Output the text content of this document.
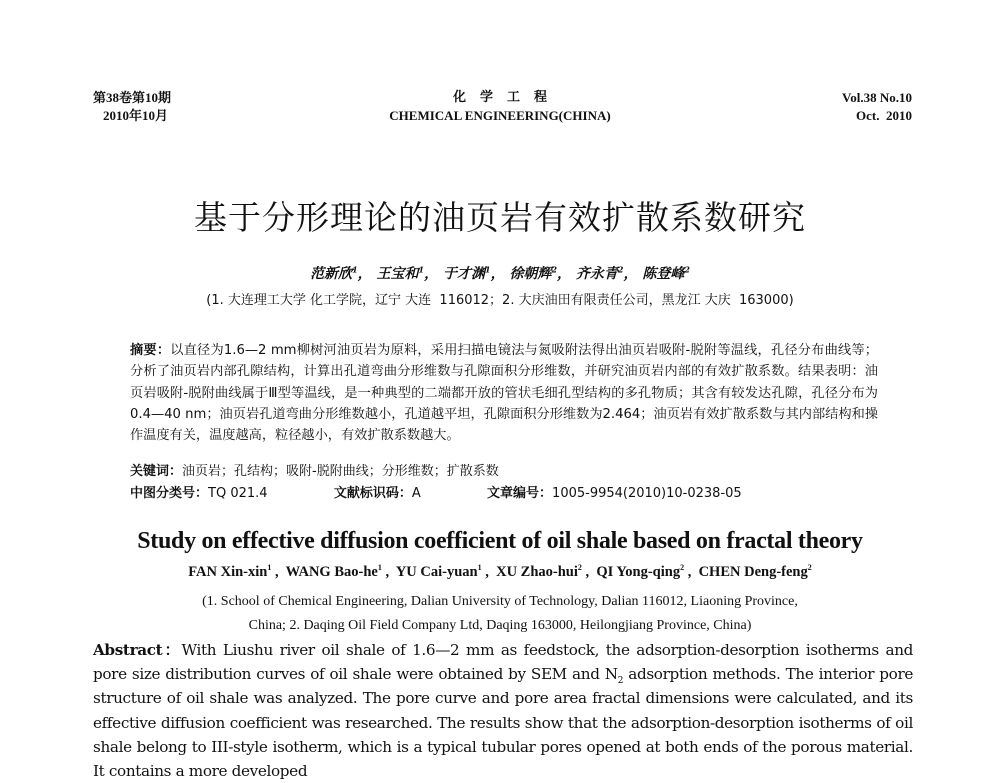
第38卷第10期
2010年10月
化学工程
CHEMICAL ENGINEERING(CHINA)
Vol.38 No.10
Oct.  2010
基于分形理论的油页岩有效扩散系数研究
范新欣$^1$， 王宝和$^1$， 于才渊$^1$， 徐朝辉$^2$， 齐永青$^2$， 陈登峰$^2$
(1. 大连理工大学 化工学院，辽宁 大连  116012；2. 大庆油田有限责任公司，黑龙江 大庆  163000)
摘要：以直径为1.6—2 mm柳树河油页岩为原料，采用扫描电镜法与氮吸附法得出油页岩吸附-脱附等温线，孔径分布曲线等；分析了油页岩内部孔隙结构，计算出孔道弯曲分形维数与孔隙面积分形维数，并研究油页岩内部的有效扩散系数。结果表明：油页岩吸附-脱附曲线属于Ⅲ型等温线，是一种典型的二端都开放的管状毛细孔型结构的多孔物质；其含有较发达孔隙，孔径分布为0.4—40 nm；油页岩孔道弯曲分形维数越小，孔道越平坦，孔隙面积分形维数为2.464；油页岩有效扩散系数与其内部结构和操作温度有关，温度越高，粒径越小，有效扩散系数越大。
关键词：油页岩；孔结构；吸附-脱附曲线；分形维数；扩散系数
中图分类号：TQ 021.4	文献标识码：A	文章编号：1005-9954(2010)10-0238-05
Study on effective diffusion coefficient of oil shale based on fractal theory
FAN Xin-xin$^1$ ,  WANG Bao-$he^1$ ,  YU Cai-yuan$^1$ ,  XU Zhao-hui$^2$ ,  QI Yong-qing$^2$ ,  CHEN Deng-feng$^2$
(1. School of Chemical Engineering, Dalian University of Technology, Dalian 116012, Liaoning Province,
China; 2. Daqing Oil Field Company Ltd, Daqing 163000, Heilongjiang Province, China)
Abstract：With Liushu river oil shale of 1.6—2 mm as feedstock, the adsorption-desorption isotherms and pore size distribution curves of oil shale were obtained by SEM and $N_2$ adsorption methods. The interior pore structure of oil shale was analyzed. The pore curve and pore area fractal dimensions were calculated, and its effective diffusion coefficient was researched. The results show that the adsorption-desorption isotherms of oil shale belong to III-style isotherm, which is a typical tubular pores opened at both ends of the porous material. It contains a more developed
